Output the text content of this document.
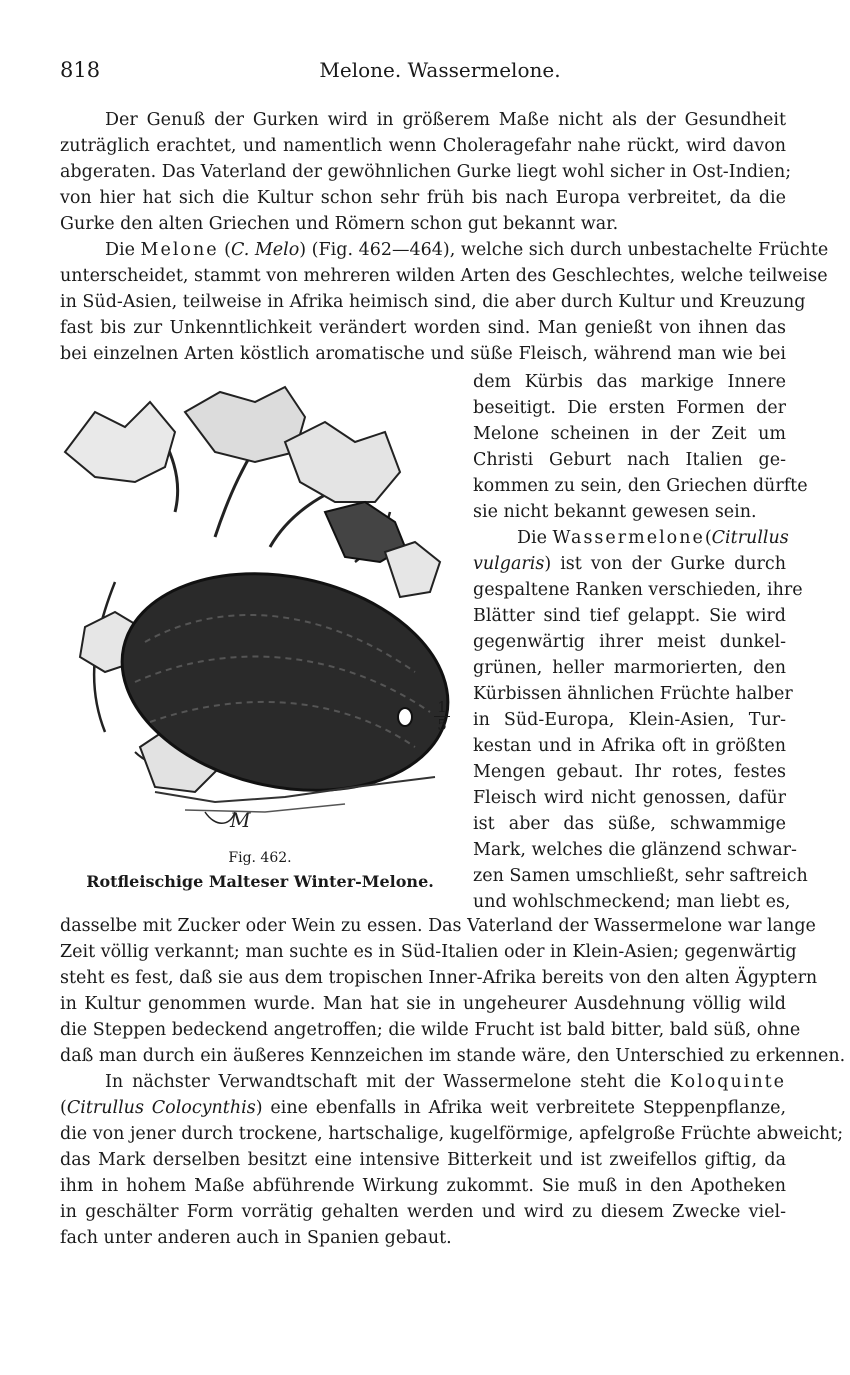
818	Melone. Wassermelone.
Der Genuß der Gurken wird in größerem Maße nicht als der Gesundheit
zuträglich erachtet, und namentlich wenn Choleragefahr nahe rückt, wird davon
abgeraten. Das Vaterland der gewöhnlichen Gurke liegt wohl sicher in Ost-Indien;
von hier hat sich die Kultur schon sehr früh bis nach Europa verbreitet, da die
Gurke den alten Griechen und Römern schon gut bekannt war.
Die Melone (C. Melo) (Fig. 462—464), welche sich durch unbestachelte Früchte
unterscheidet, stammt von mehreren wilden Arten des Geschlechtes, welche teilweise
in Süd-Asien, teilweise in Afrika heimisch sind, die aber durch Kultur und Kreuzung
fast bis zur Unkenntlichkeit verändert worden sind. Man genießt von ihnen das
bei einzelnen Arten köstlich aromatische und süße Fleisch, während man wie bei
dem Kürbis das markige Innere
beseitigt. Die ersten Formen der
Melone scheinen in der Zeit um
Christi Geburt nach Italien ge-
kommen zu sein, den Griechen dürfte
sie nicht bekannt gewesen sein.
Die Wassermelone(Citrullus
vulgaris) ist von der Gurke durch
gespaltene Ranken verschieden, ihre
Blätter sind tief gelappt. Sie wird
gegenwärtig ihrer meist dunkel-
grünen, heller marmorierten, den
Kürbissen ähnlichen Früchte halber
in Süd-Europa, Klein-Asien, Tur-
kestan und in Afrika oft in größten
Mengen gebaut. Ihr rotes, festes
Fleisch wird nicht genossen, dafür
ist aber das süße, schwammige
Mark, welches die glänzend schwar-
zen Samen umschließt, sehr saftreich
und wohlschmeckend; man liebt es,
M
1
5
Fig. 462.
Rotfleischige Malteser Winter-Melone.
dasselbe mit Zucker oder Wein zu essen. Das Vaterland der Wassermelone war lange
Zeit völlig verkannt; man suchte es in Süd-Italien oder in Klein-Asien; gegenwärtig
steht es fest, daß sie aus dem tropischen Inner-Afrika bereits von den alten Ägyptern
in Kultur genommen wurde. Man hat sie in ungeheurer Ausdehnung völlig wild
die Steppen bedeckend angetroffen; die wilde Frucht ist bald bitter, bald süß, ohne
daß man durch ein äußeres Kennzeichen im stande wäre, den Unterschied zu erkennen.
In nächster Verwandtschaft mit der Wassermelone steht die Koloquinte
(Citrullus Colocynthis) eine ebenfalls in Afrika weit verbreitete Steppenpflanze,
die von jener durch trockene, hartschalige, kugelförmige, apfelgroße Früchte abweicht;
das Mark derselben besitzt eine intensive Bitterkeit und ist zweifellos giftig, da
ihm in hohem Maße abführende Wirkung zukommt. Sie muß in den Apotheken
in geschälter Form vorrätig gehalten werden und wird zu diesem Zwecke viel-
fach unter anderen auch in Spanien gebaut.
